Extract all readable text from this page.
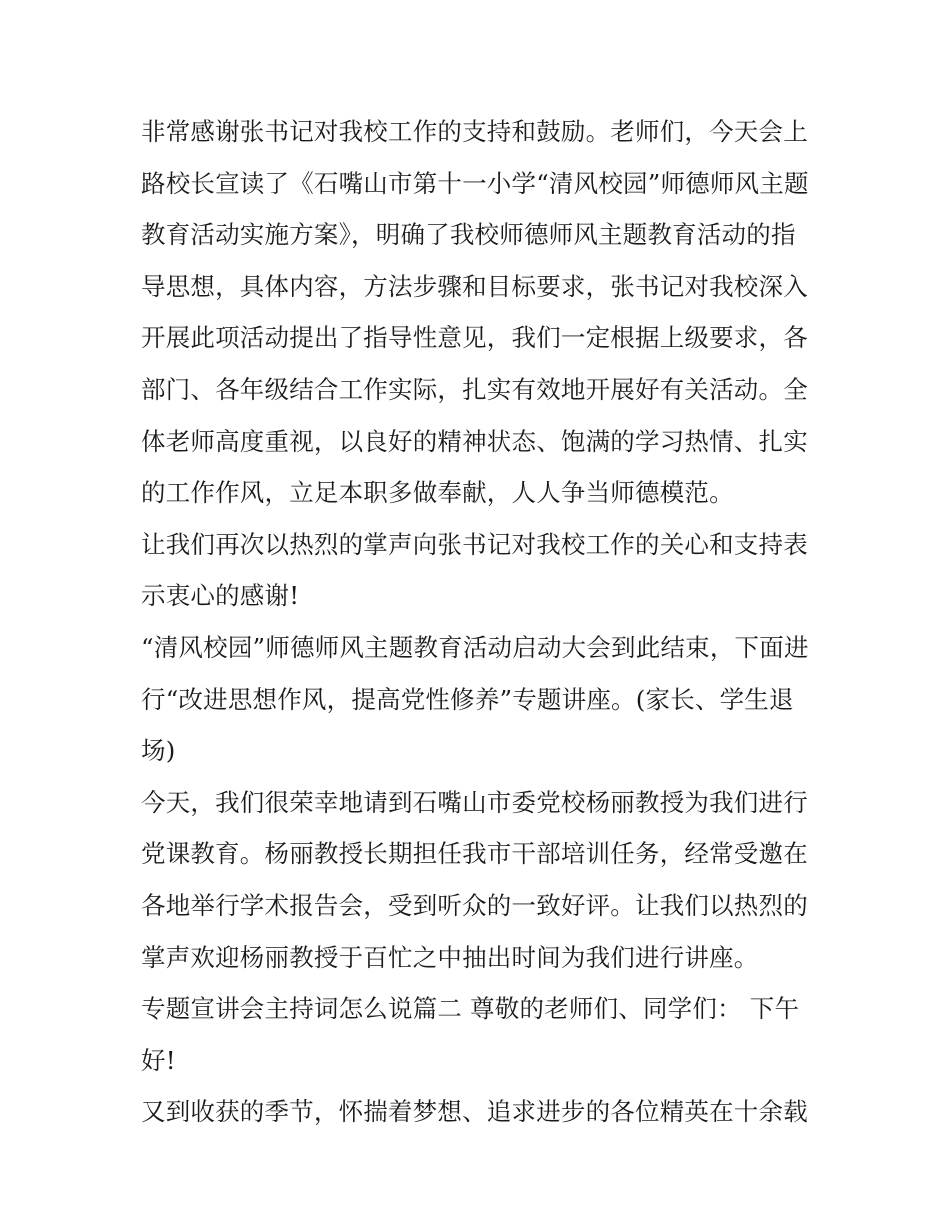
非常感谢张书记对我校工作的支持和鼓励。老师们，今天会上
路校长宣读了《石嘴山市第十一小学“清风校园”师德师风主题
教育活动实施方案》，明确了我校师德师风主题教育活动的指
导思想，具体内容，方法步骤和目标要求，张书记对我校深入
开展此项活动提出了指导性意见，我们一定根据上级要求，各
部门、各年级结合工作实际，扎实有效地开展好有关活动。全
体老师高度重视，以良好的精神状态、饱满的学习热情、扎实
的工作作风，立足本职多做奉献，人人争当师德模范。
让我们再次以热烈的掌声向张书记对我校工作的关心和支持表
示衷心的感谢!
“清风校园”师德师风主题教育活动启动大会到此结束，下面进
行“改进思想作风，提高党性修养”专题讲座。(家长、学生退
场)
今天，我们很荣幸地请到石嘴山市委党校杨丽教授为我们进行
党课教育。杨丽教授长期担任我市干部培训任务，经常受邀在
各地举行学术报告会，受到听众的一致好评。让我们以热烈的
掌声欢迎杨丽教授于百忙之中抽出时间为我们进行讲座。
专题宣讲会主持词怎么说篇二 尊敬的老师们、同学们： 下午
好!
又到收获的季节，怀揣着梦想、追求进步的各位精英在十余载
